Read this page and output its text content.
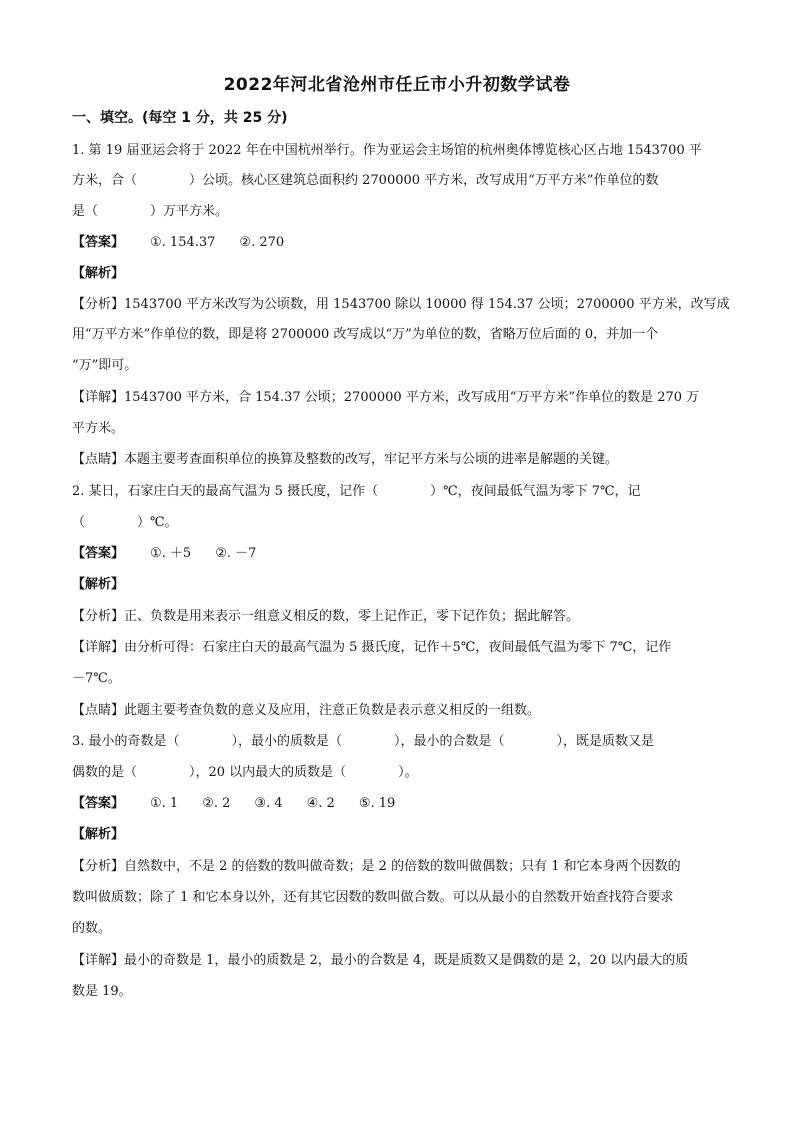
2022年河北省沧州市任丘市小升初数学试卷
一、填空。(每空 1 分，共 25 分)
1. 第 19 届亚运会将于 2022 年在中国杭州举行。作为亚运会主场馆的杭州奥体博览核心区占地 1543700 平
方米，合（　　　　）公顷。核心区建筑总面积约 2700000 平方米，改写成用“万平方米”作单位的数
是（　　　　）万平方米。
【答案】 ①. 154.37 ②. 270
【解析】
【分析】1543700 平方米改写为公顷数，用 1543700 除以 10000 得 154.37 公顷；2700000 平方米，改写成
用“万平方米”作单位的数，即是将 2700000 改写成以“万”为单位的数，省略万位后面的 0，并加一个
“万”即可。
【详解】1543700 平方米，合 154.37 公顷；2700000 平方米，改写成用“万平方米”作单位的数是 270 万
平方米。
【点睛】本题主要考查面积单位的换算及整数的改写，牢记平方米与公顷的进率是解题的关键。
2. 某日，石家庄白天的最高气温为 5 摄氏度，记作（　　　　）℃，夜间最低气温为零下 7℃，记
（　　　　）℃。
【答案】 ①. ＋5 ②. －7
【解析】
【分析】正、负数是用来表示一组意义相反的数，零上记作正，零下记作负；据此解答。
【详解】由分析可得：石家庄白天的最高气温为 5 摄氏度，记作＋5℃，夜间最低气温为零下 7℃，记作
－7℃。
【点睛】此题主要考查负数的意义及应用，注意正负数是表示意义相反的一组数。
3. 最小的奇数是（　　　　），最小的质数是（　　　　），最小的合数是（　　　　），既是质数又是
偶数的是（　　　　），20 以内最大的质数是（　　　　）。
【答案】 ①. 1 ②. 2 ③. 4 ④. 2 ⑤. 19
【解析】
【分析】自然数中，不是 2 的倍数的数叫做奇数；是 2 的倍数的数叫做偶数；只有 1 和它本身两个因数的
数叫做质数；除了 1 和它本身以外，还有其它因数的数叫做合数。可以从最小的自然数开始查找符合要求
的数。
【详解】最小的奇数是 1，最小的质数是 2，最小的合数是 4，既是质数又是偶数的是 2，20 以内最大的质
数是 19。
